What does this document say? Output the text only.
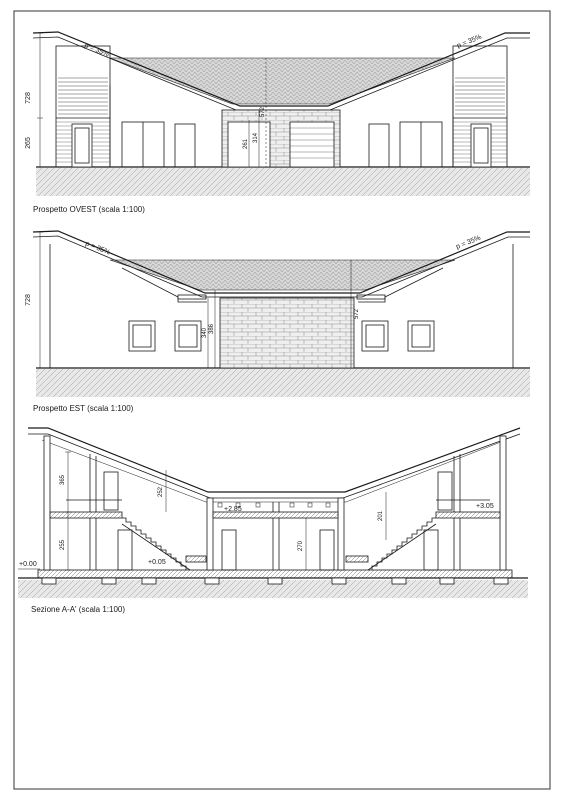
728
265
p = 35%
p = 35%
261
314
572
Prospetto OVEST (scala 1:100)
728
p = 35%	p = 35%
340 386
572
Prospetto EST (scala 1:100)
365
255
252
+0.00	+0.05
+2.85	+3.05
270
201
Sezione A-A' (scala 1:100)
